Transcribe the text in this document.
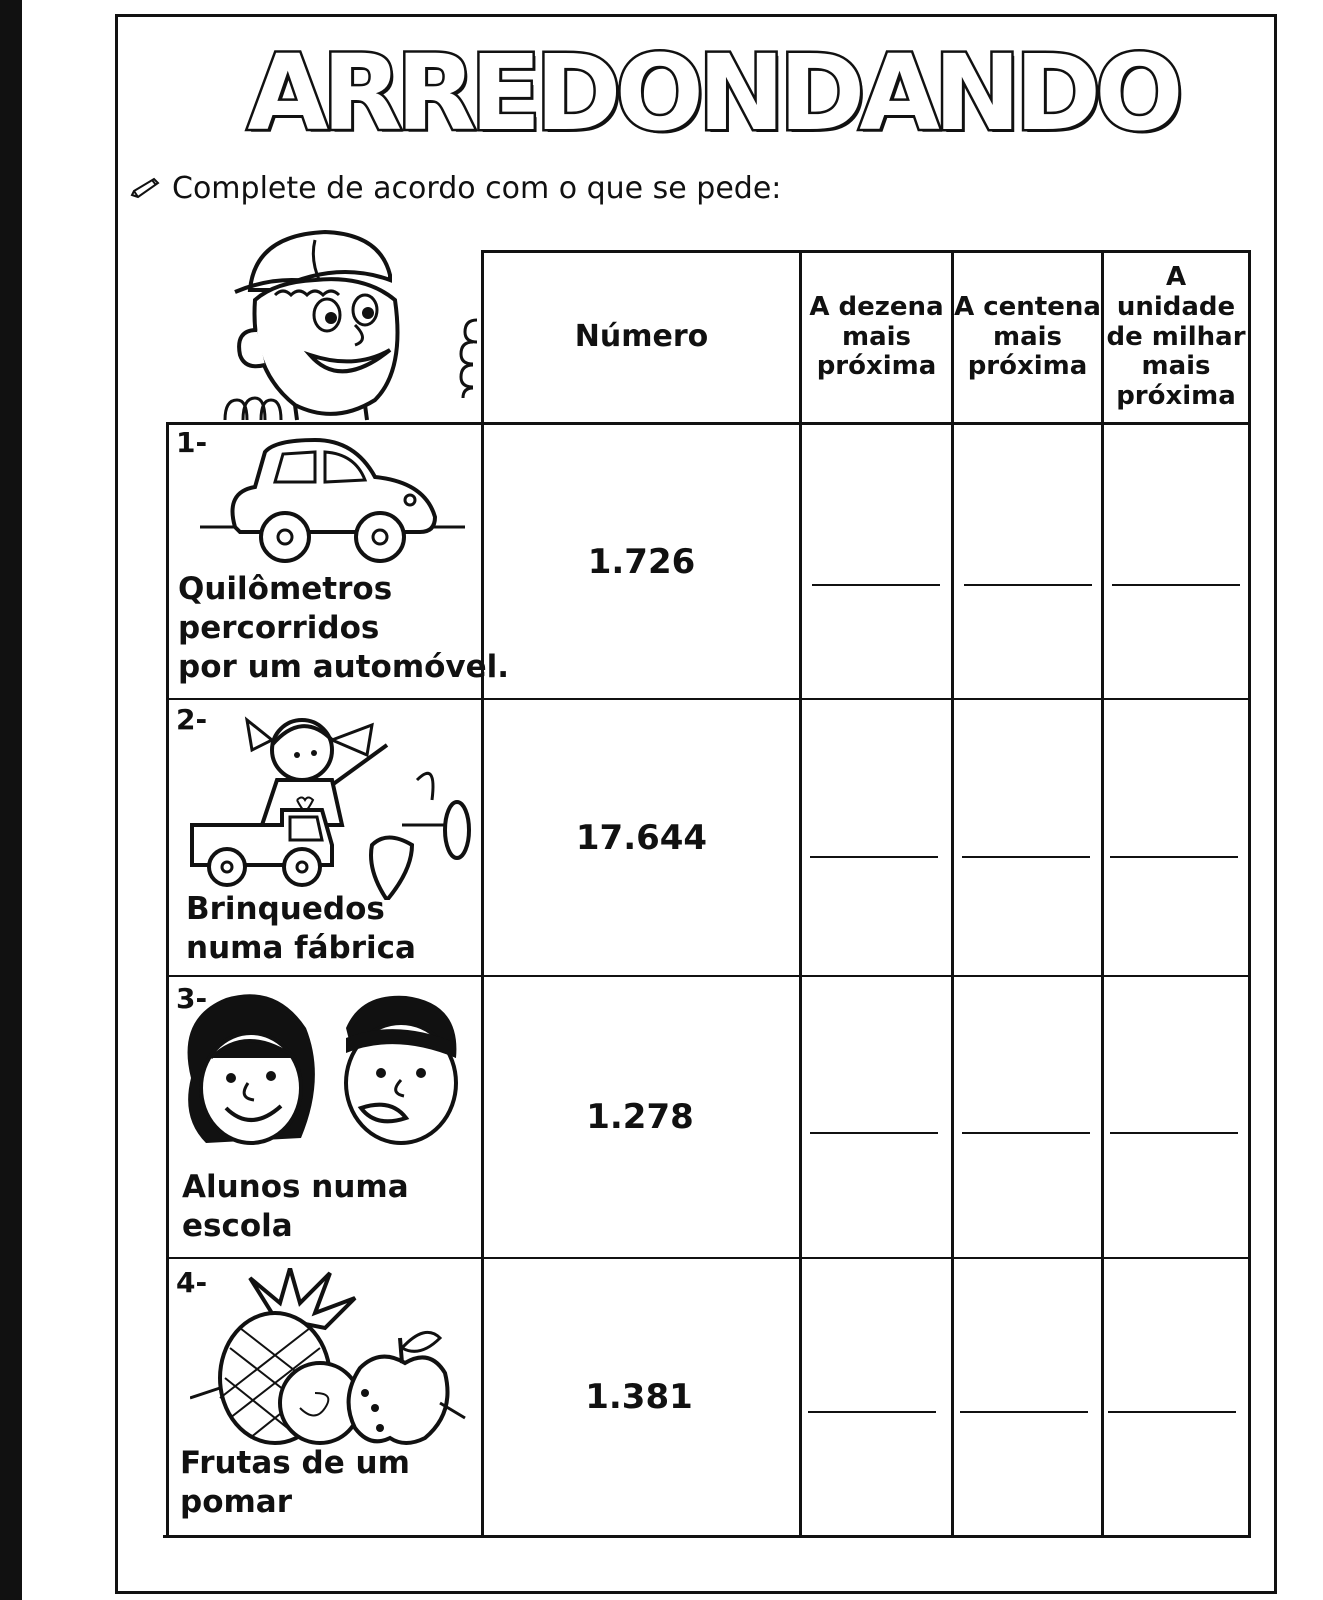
ARREDONDANDO
Complete de acordo com o que se pede:
Número
A dezena
mais
próxima
A centena
mais
próxima
A unidade
de milhar
mais
próxima
1-
Quilômetros
percorridos
por um automóvel.
1.726
2-
Brinquedos
numa fábrica
17.644
3-
Alunos numa
escola
1.278
4-
Frutas de um
pomar
1.381
